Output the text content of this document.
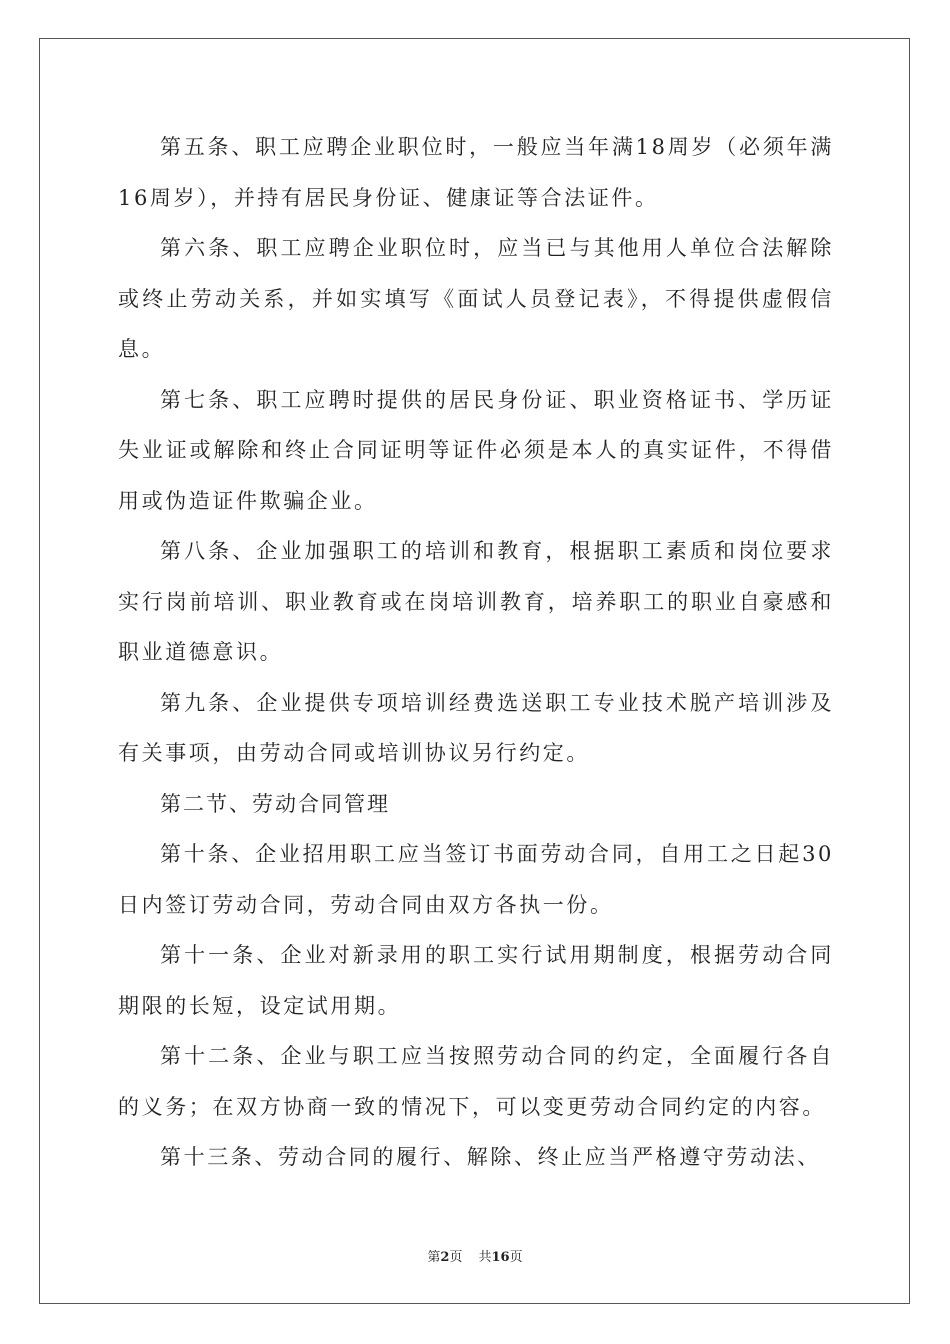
第五条、职工应聘企业职位时，一般应当年满18周岁（必须年满16周岁），并持有居民身份证、健康证等合法证件。

第六条、职工应聘企业职位时，应当已与其他用人单位合法解除或终止劳动关系，并如实填写《面试人员登记表》，不得提供虚假信息。

第七条、职工应聘时提供的居民身份证、职业资格证书、学历证失业证或解除和终止合同证明等证件必须是本人的真实证件，不得借用或伪造证件欺骗企业。

第八条、企业加强职工的培训和教育，根据职工素质和岗位要求实行岗前培训、职业教育或在岗培训教育，培养职工的职业自豪感和职业道德意识。

第九条、企业提供专项培训经费选送职工专业技术脱产培训涉及有关事项，由劳动合同或培训协议另行约定。

第二节、劳动合同管理

第十条、企业招用职工应当签订书面劳动合同，自用工之日起30日内签订劳动合同，劳动合同由双方各执一份。

第十一条、企业对新录用的职工实行试用期制度，根据劳动合同期限的长短，设定试用期。

第十二条、企业与职工应当按照劳动合同的约定，全面履行各自的义务；在双方协商一致的情况下，可以变更劳动合同约定的内容。

第十三条、劳动合同的履行、解除、终止应当严格遵守劳动法、

第2页 共16页
